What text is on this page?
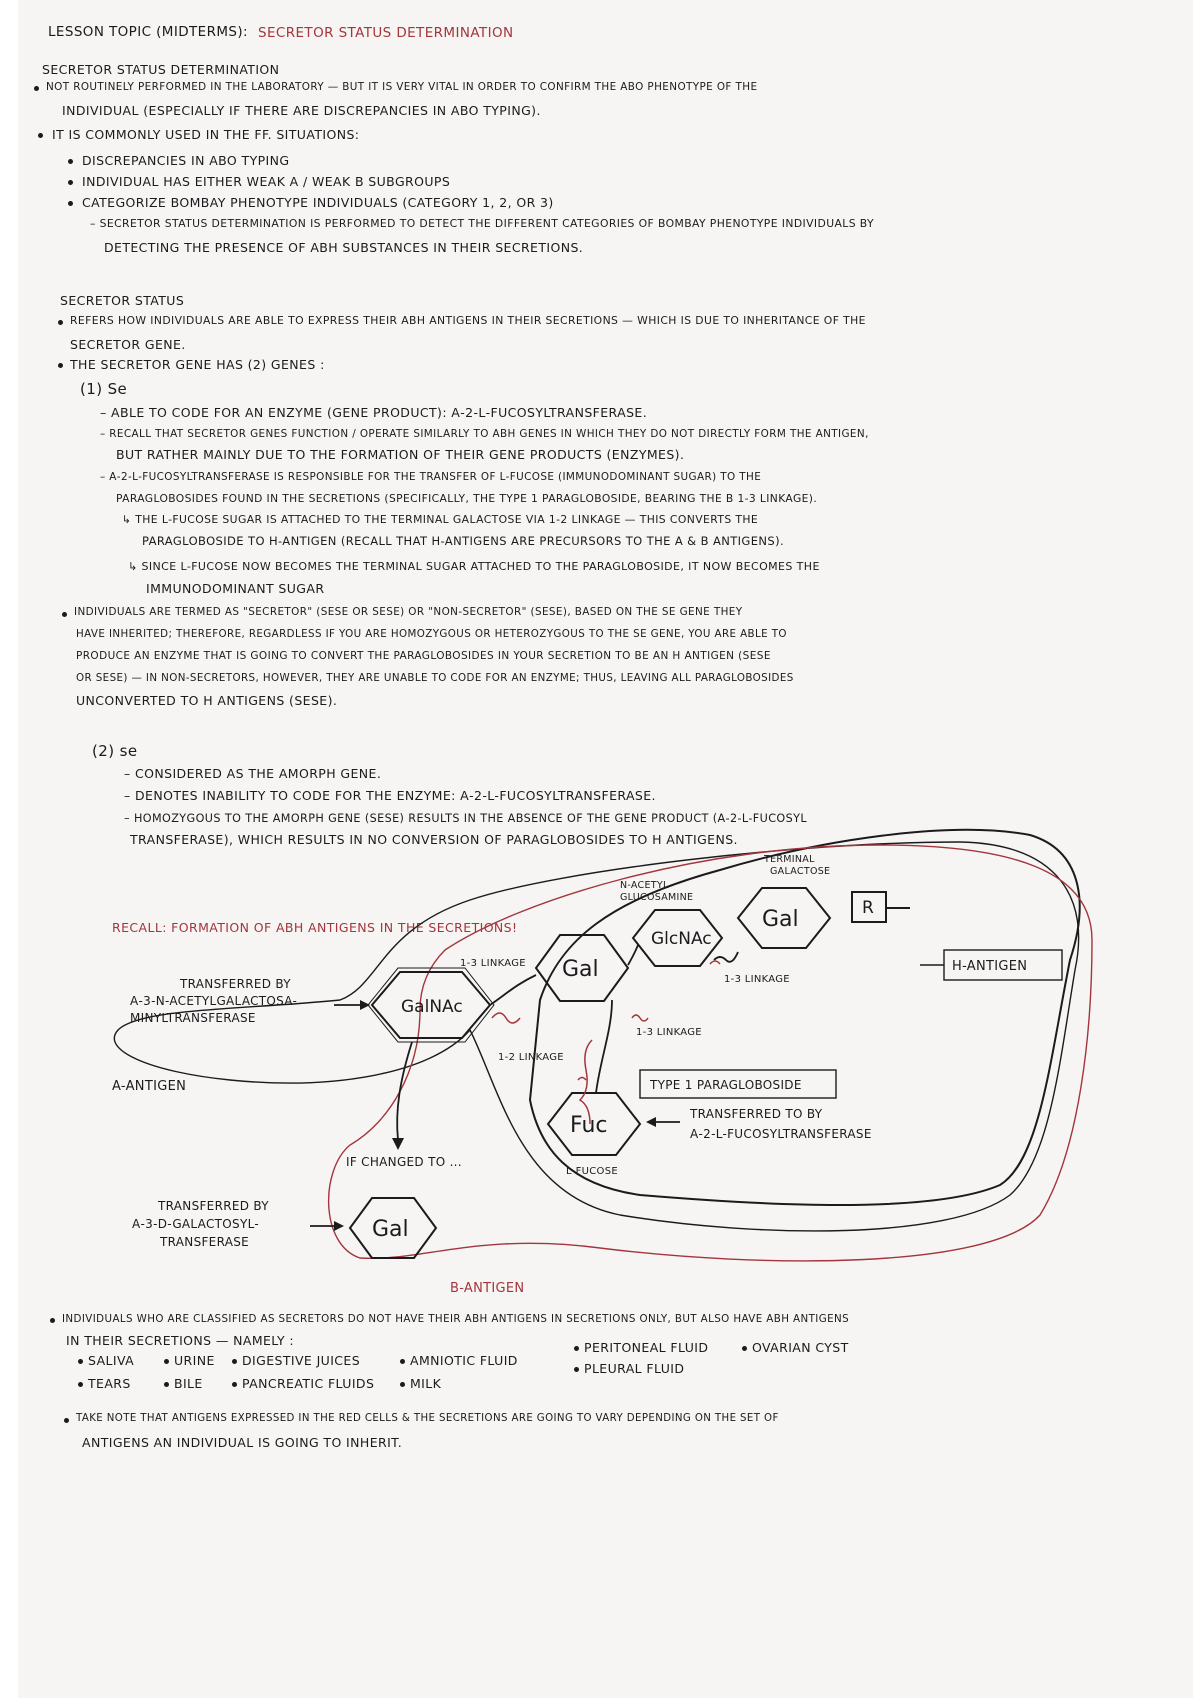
LESSON TOPIC (MIDTERMS): SECRETOR STATUS DETERMINATION
SECRETOR STATUS DETERMINATION
NOT ROUTINELY PERFORMED IN THE LABORATORY — BUT IT IS VERY VITAL IN ORDER TO CONFIRM THE ABO PHENOTYPE OF THE
INDIVIDUAL (ESPECIALLY IF THERE ARE DISCREPANCIES IN ABO TYPING).
IT IS COMMONLY USED IN THE FF. SITUATIONS:
DISCREPANCIES IN ABO TYPING
INDIVIDUAL HAS EITHER WEAK A / WEAK B SUBGROUPS
CATEGORIZE BOMBAY PHENOTYPE INDIVIDUALS (CATEGORY 1, 2, OR 3)
– SECRETOR STATUS DETERMINATION IS PERFORMED TO DETECT THE DIFFERENT CATEGORIES OF BOMBAY PHENOTYPE INDIVIDUALS BY
DETECTING THE PRESENCE OF ABH SUBSTANCES IN THEIR SECRETIONS.
SECRETOR STATUS
REFERS HOW INDIVIDUALS ARE ABLE TO EXPRESS THEIR ABH ANTIGENS IN THEIR SECRETIONS — WHICH IS DUE TO INHERITANCE OF THE
SECRETOR GENE.
THE SECRETOR GENE HAS (2) GENES :
(1) Se
– ABLE TO CODE FOR AN ENZYME (GENE PRODUCT): Α-2-L-FUCOSYLTRANSFERASE.
– RECALL THAT SECRETOR GENES FUNCTION / OPERATE SIMILARLY TO ABH GENES IN WHICH THEY DO NOT DIRECTLY FORM THE ANTIGEN,
BUT RATHER MAINLY DUE TO THE FORMATION OF THEIR GENE PRODUCTS (ENZYMES).
– Α-2-L-FUCOSYLTRANSFERASE IS RESPONSIBLE FOR THE TRANSFER OF L-FUCOSE (IMMUNODOMINANT SUGAR) TO THE
PARAGLOBOSIDES FOUND IN THE SECRETIONS (SPECIFICALLY, THE TYPE 1 PARAGLOBOSIDE, BEARING THE Β 1-3 LINKAGE).
↳ THE L-FUCOSE SUGAR IS ATTACHED TO THE TERMINAL GALACTOSE VIA 1-2 LINKAGE — THIS CONVERTS THE
PARAGLOBOSIDE TO H-ANTIGEN (RECALL THAT H-ANTIGENS ARE PRECURSORS TO THE A & B ANTIGENS).
↳ SINCE L-FUCOSE NOW BECOMES THE TERMINAL SUGAR ATTACHED TO THE PARAGLOBOSIDE, IT NOW BECOMES THE
IMMUNODOMINANT SUGAR
INDIVIDUALS ARE TERMED AS "SECRETOR" (SESE OR SESE) OR "NON-SECRETOR" (SESE), BASED ON THE SE GENE THEY
HAVE INHERITED; THEREFORE, REGARDLESS IF YOU ARE HOMOZYGOUS OR HETEROZYGOUS TO THE SE GENE, YOU ARE ABLE TO
PRODUCE AN ENZYME THAT IS GOING TO CONVERT THE PARAGLOBOSIDES IN YOUR SECRETION TO BE AN H ANTIGEN (SESE
OR SESE) — IN NON-SECRETORS, HOWEVER, THEY ARE UNABLE TO CODE FOR AN ENZYME; THUS, LEAVING ALL PARAGLOBOSIDES
UNCONVERTED TO H ANTIGENS (SESE).
(2) se
– CONSIDERED AS THE AMORPH GENE.
– DENOTES INABILITY TO CODE FOR THE ENZYME: Α-2-L-FUCOSYLTRANSFERASE.
– HOMOZYGOUS TO THE AMORPH GENE (SESE) RESULTS IN THE ABSENCE OF THE GENE PRODUCT (Α-2-L-FUCOSYL
TRANSFERASE), WHICH RESULTS IN NO CONVERSION OF PARAGLOBOSIDES TO H ANTIGENS.
RECALL: FORMATION OF ABH ANTIGENS IN THE SECRETIONS!
GalNAc
Gal
GlcNAc
Gal	R
Fuc
Gal
H-ANTIGEN
TYPE 1 PARAGLOBOSIDE
N-ACETYL
GLUCOSAMINE
TERMINAL
GALACTOSE
1-3 LINKAGE
1-3 LINKAGE
1-3 LINKAGE
1-2 LINKAGE
TRANSFERRED BY
Α-3-N-ACETYLGALACTOSA-
MINYLTRANSFERASE
A-ANTIGEN
IF CHANGED TO ...
TRANSFERRED BY
Α-3-D-GALACTOSYL-
TRANSFERASE
TRANSFERRED TO BY
Α-2-L-FUCOSYLTRANSFERASE
L-FUCOSE
B-ANTIGEN
INDIVIDUALS WHO ARE CLASSIFIED AS SECRETORS DO NOT HAVE THEIR ABH ANTIGENS IN SECRETIONS ONLY, BUT ALSO HAVE ABH ANTIGENS
IN THEIR SECRETIONS — NAMELY :
SALIVA	URINE DIGESTIVE JUICES	AMNIOTIC FLUID
PERITONEAL FLUID	OVARIAN CYST
TEARS	BILE	PANCREATIC FLUIDS	MILK
PLEURAL FLUID
TAKE NOTE THAT ANTIGENS EXPRESSED IN THE RED CELLS & THE SECRETIONS ARE GOING TO VARY DEPENDING ON THE SET OF
ANTIGENS AN INDIVIDUAL IS GOING TO INHERIT.
